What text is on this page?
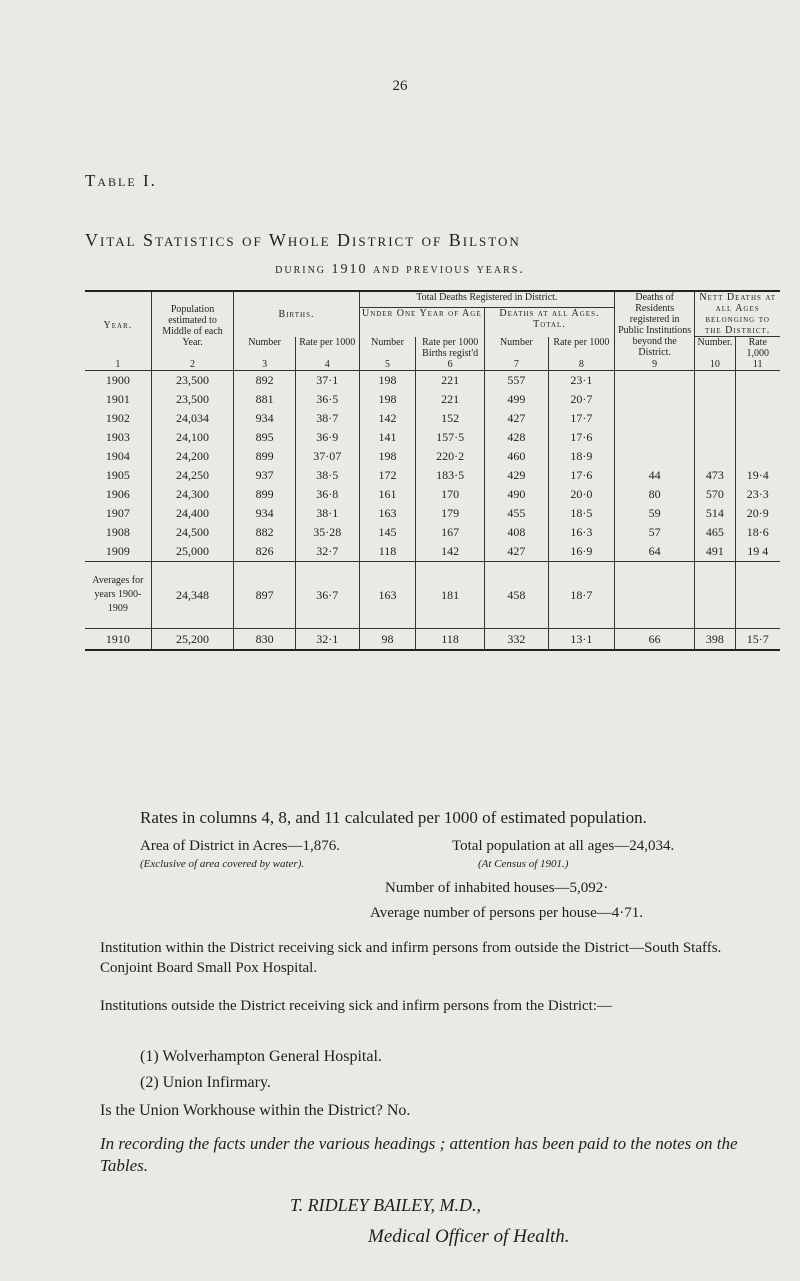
26
Table I.
Vital Statistics of Whole District of Bilston
during 1910 and previous years.
Year.	Population estimated to Middle of each Year.	Births.		Total Deaths Registered in District.				Deaths of Residents registered in Public Institutions beyond the District.	Nett Deaths at all Ages belonging to the District.	
				Under One Year of Age		Deaths at all Ages. Total.				
		Number	Rate per 1000	Number	Rate per 1000 Births regist'd	Number	Rate per 1000		Number.	Rate 1,000
1	2	3	4	5	6	7	8	9	10	11
1900	23,500	892	37·1	198	221	557	23·1			
1901	23,500	881	36·5	198	221	499	20·7			
1902	24,034	934	38·7	142	152	427	17·7			
1903	24,100	895	36·9	141	157·5	428	17·6			
1904	24,200	899	37·07	198	220·2	460	18·9			
1905	24,250	937	38·5	172	183·5	429	17·6	44	473	19·4
1906	24,300	899	36·8	161	170	490	20·0	80	570	23·3
1907	24,400	934	38·1	163	179	455	18·5	59	514	20·9
1908	24,500	882	35·28	145	167	408	16·3	57	465	18·6
1909	25,000	826	32·7	118	142	427	16·9	64	491	19 4
Averages for years 1900-1909	24,348	897	36·7	163	181	458	18·7			
1910	25,200	830	32·1	98	118	332	13·1	66	398	15·7

Rates in columns 4, 8, and 11 calculated per 1000 of estimated population.

Area of District in Acres—1,876.	Total population at all ages—24,034.

(Exclusive of area covered by water).	(At Census of 1901.)

Number of inhabited houses—5,092·

Average number of persons per house—4·71.

Institution within the District receiving sick and infirm persons from outside the District—South Staffs. Conjoint Board Small Pox Hospital.

Institutions outside the District receiving sick and infirm persons from the District:—

(1) Wolverhampton General Hospital.

(2) Union Infirmary.

Is the Union Workhouse within the District? No.

In recording the facts under the various headings ; attention has been paid to the notes on the Tables.

T. RIDLEY BAILEY, M.D.,

Medical Officer of Health.
